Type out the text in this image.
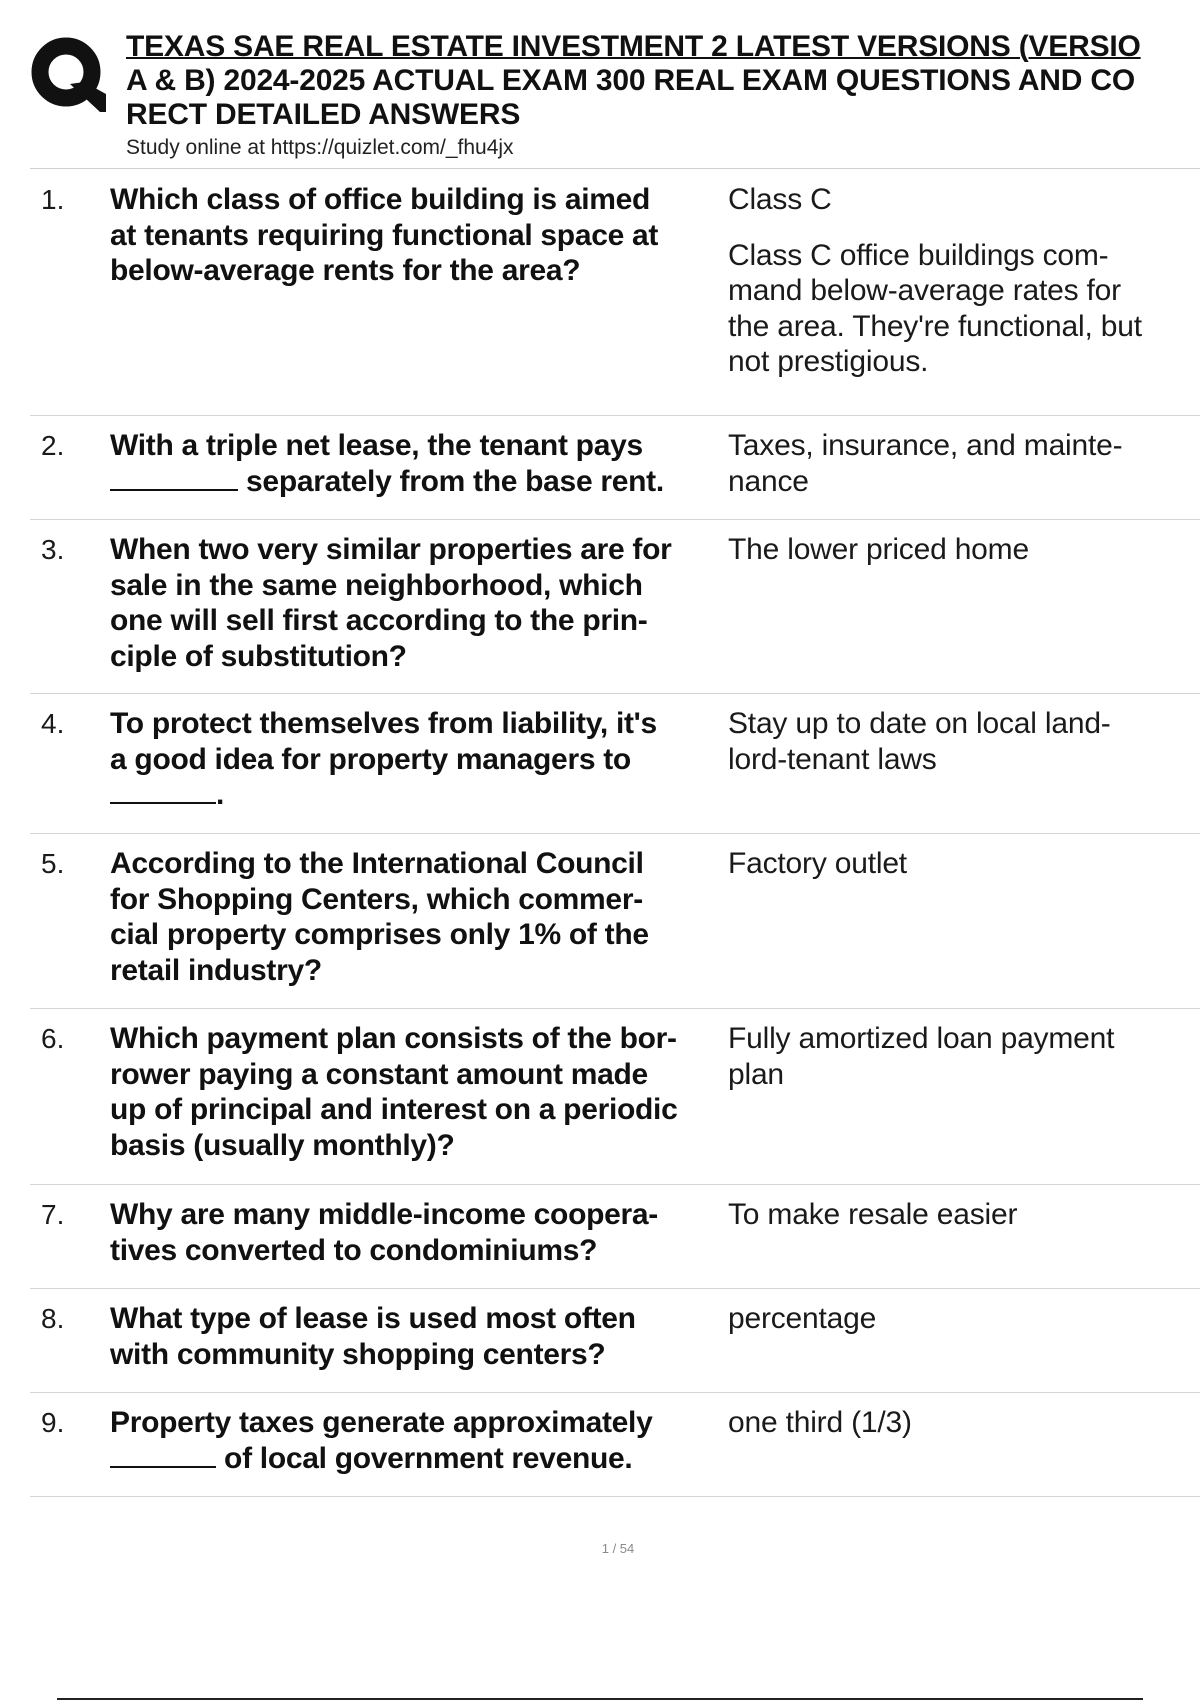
TEXAS SAE REAL ESTATE INVESTMENT 2 LATEST VERSIONS (VERSIO
A & B) 2024-2025 ACTUAL EXAM 300 REAL EXAM QUESTIONS AND CO
RECT DETAILED ANSWERS
Study online at https://quizlet.com/_fhu4jx
1. Which class of office building is aimed
at tenants requiring functional space at
below-average rents for the area?
Class C
Class C office buildings com-
mand below-average rates for
the area. They're functional, but
not prestigious.
2. With a triple net lease, the tenant pays
separately from the base rent.
Taxes, insurance, and mainte-
nance
3. When two very similar properties are for
sale in the same neighborhood, which
one will sell first according to the prin-
ciple of substitution?
The lower priced home
4. To protect themselves from liability, it's
a good idea for property managers to
.
Stay up to date on local land-
lord-tenant laws
5. According to the International Council
for Shopping Centers, which commer-
cial property comprises only 1% of the
retail industry?
Factory outlet
6. Which payment plan consists of the bor-
rower paying a constant amount made
up of principal and interest on a periodic
basis (usually monthly)?
Fully amortized loan payment
plan
7. Why are many middle-income coopera-
tives converted to condominiums?
To make resale easier
8. What type of lease is used most often
with community shopping centers?
percentage
9. Property taxes generate approximately
of local government revenue.
one third (1/3)
1 / 54
